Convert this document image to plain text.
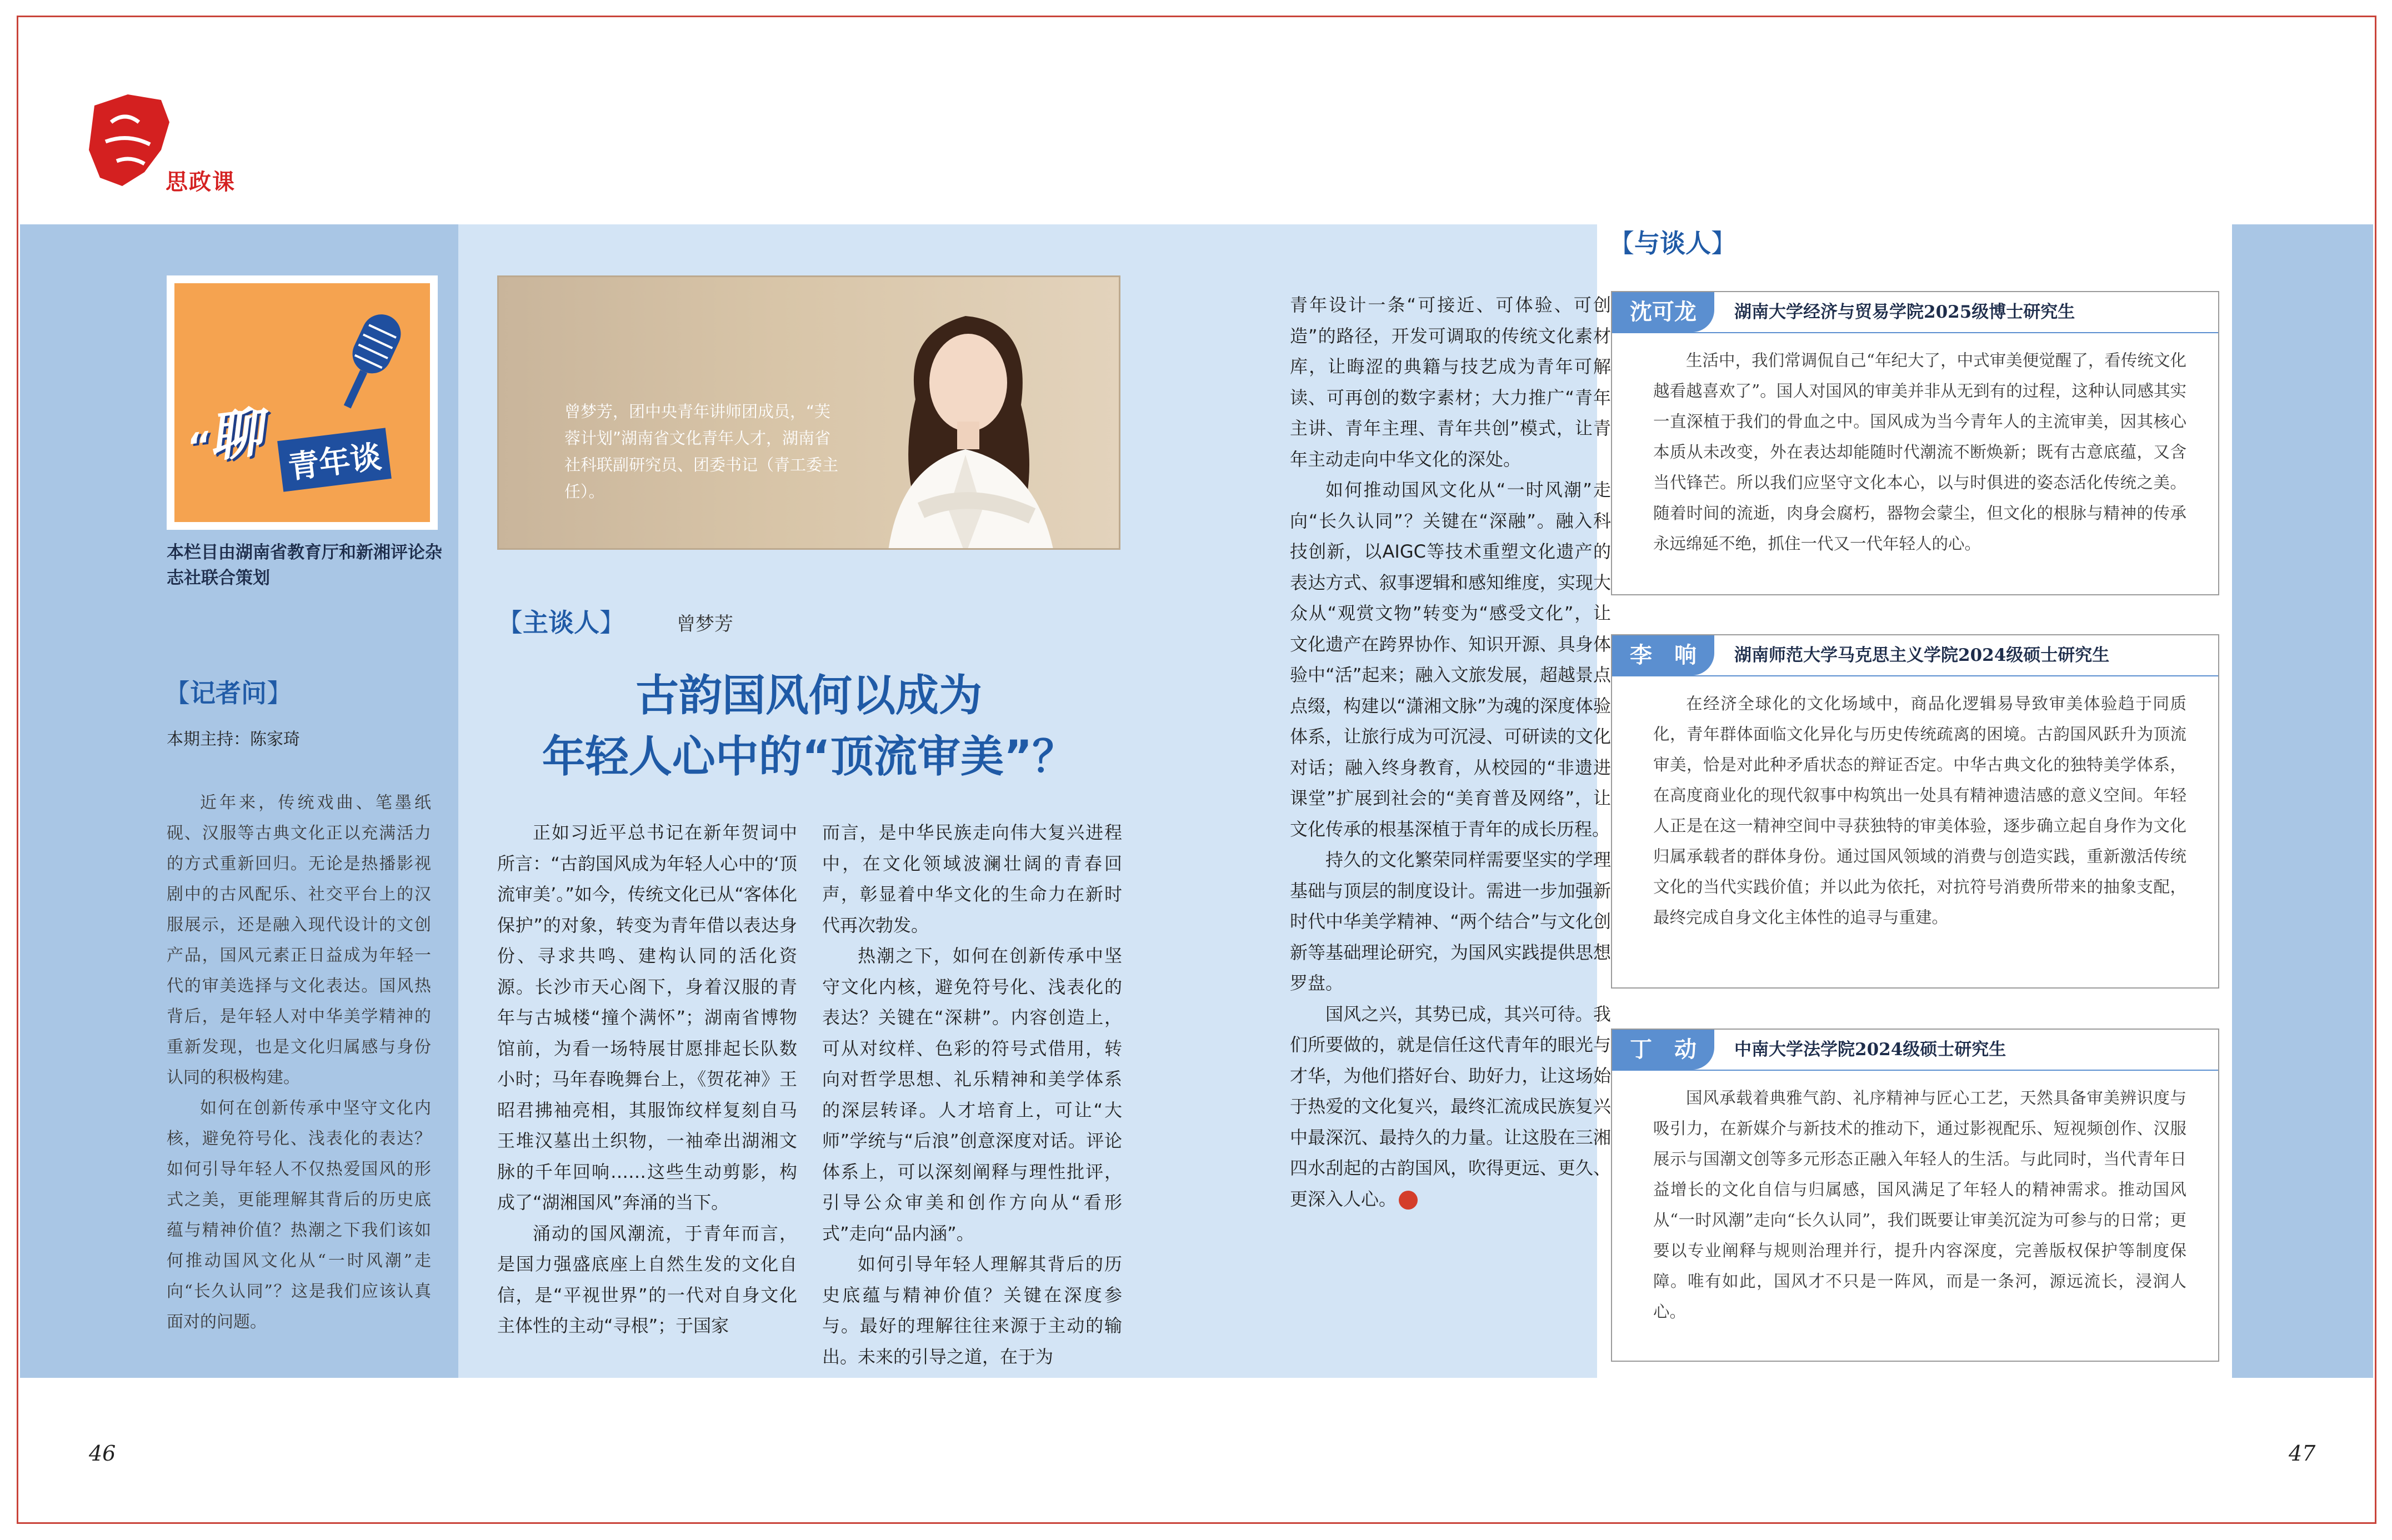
思政课
“聊 青年谈
本栏目由湖南省教育厅和新湘评论杂志社联合策划
【记者问】
本期主持：陈家琦

近年来，传统戏曲、笔墨纸砚、汉服等古典文化正以充满活力的方式重新回归。无论是热播影视剧中的古风配乐、社交平台上的汉服展示，还是融入现代设计的文创产品，国风元素正日益成为年轻一代的审美选择与文化表达。国风热背后，是年轻人对中华美学精神的重新发现，也是文化归属感与身份认同的积极构建。

如何在创新传承中坚守文化内核，避免符号化、浅表化的表达？如何引导年轻人不仅热爱国风的形式之美，更能理解其背后的历史底蕴与精神价值？热潮之下我们该如何推动国风文化从“一时风潮”走向“长久认同”？这是我们应该认真面对的问题。

曾梦芳，团中央青年讲师团成员，“芙蓉计划”湖南省文化青年人才，湖南省社科联副研究员、团委书记（青工委主任）。
【主谈人】	曾梦芳
古韵国风何以成为
年轻人心中的“顶流审美”？

正如习近平总书记在新年贺词中所言：“古韵国风成为年轻人心中的‘顶流审美’。”如今，传统文化已从“客体化保护”的对象，转变为青年借以表达身份、寻求共鸣、建构认同的活化资源。长沙市天心阁下，身着汉服的青年与古城楼“撞个满怀”；湖南省博物馆前，为看一场特展甘愿排起长队数小时；马年春晚舞台上，《贺花神》王昭君拂袖亮相，其服饰纹样复刻自马王堆汉墓出土织物，一袖牵出湖湘文脉的千年回响……这些生动剪影，构成了“湖湘国风”奔涌的当下。

涌动的国风潮流，于青年而言，是国力强盛底座上自然生发的文化自信，是“平视世界”的一代对自身文化主体性的主动“寻根”；于国家

而言，是中华民族走向伟大复兴进程中，在文化领域波澜壮阔的青春回声，彰显着中华文化的生命力在新时代再次勃发。

热潮之下，如何在创新传承中坚守文化内核，避免符号化、浅表化的表达？关键在“深耕”。内容创造上，可从对纹样、色彩的符号式借用，转向对哲学思想、礼乐精神和美学体系的深层转译。人才培育上，可让“大师”学统与“后浪”创意深度对话。评论体系上，可以深刻阐释与理性批评，引导公众审美和创作方向从“看形式”走向“品内涵”。

如何引导年轻人理解其背后的历史底蕴与精神价值？关键在深度参与。最好的理解往往来源于主动的输出。未来的引导之道，在于为

青年设计一条“可接近、可体验、可创造”的路径，开发可调取的传统文化素材库，让晦涩的典籍与技艺成为青年可解读、可再创的数字素材；大力推广“青年主讲、青年主理、青年共创”模式，让青年主动走向中华文化的深处。

如何推动国风文化从“一时风潮”走向“长久认同”？关键在“深融”。融入科技创新，以AIGC等技术重塑文化遗产的表达方式、叙事逻辑和感知维度，实现大众从“观赏文物”转变为“感受文化”，让文化遗产在跨界协作、知识开源、具身体验中“活”起来；融入文旅发展，超越景点点缀，构建以“潇湘文脉”为魂的深度体验体系，让旅行成为可沉浸、可研读的文化对话；融入终身教育，从校园的“非遗进课堂”扩展到社会的“美育普及网络”，让文化传承的根基深植于青年的成长历程。

持久的文化繁荣同样需要坚实的学理基础与顶层的制度设计。需进一步加强新时代中华美学精神、“两个结合”与文化创新等基础理论研究，为国风实践提供思想罗盘。

国风之兴，其势已成，其兴可待。我们所要做的，就是信任这代青年的眼光与才华，为他们搭好台、助好力，让这场始于热爱的文化复兴，最终汇流成民族复兴中最深沉、最持久的力量。让这股在三湘四水刮起的古韵国风，吹得更远、更久、更深入人心。

【与谈人】
沈可龙	湖南大学经济与贸易学院2025级博士研究生
生活中，我们常调侃自己“年纪大了，中式审美便觉醒了，看传统文化越看越喜欢了”。国人对国风的审美并非从无到有的过程，这种认同感其实一直深植于我们的骨血之中。国风成为当今青年人的主流审美，因其核心本质从未改变，外在表达却能随时代潮流不断焕新；既有古意底蕴，又含当代锋芒。所以我们应坚守文化本心，以与时俱进的姿态活化传统之美。随着时间的流逝，肉身会腐朽，器物会蒙尘，但文化的根脉与精神的传承永远绵延不绝，抓住一代又一代年轻人的心。
李　响	湖南师范大学马克思主义学院2024级硕士研究生
在经济全球化的文化场域中，商品化逻辑易导致审美体验趋于同质化，青年群体面临文化异化与历史传统疏离的困境。古韵国风跃升为顶流审美，恰是对此种矛盾状态的辩证否定。中华古典文化的独特美学体系，在高度商业化的现代叙事中构筑出一处具有精神遗洁感的意义空间。年轻人正是在这一精神空间中寻获独特的审美体验，逐步确立起自身作为文化归属承载者的群体身份。通过国风领域的消费与创造实践，重新激活传统文化的当代实践价值；并以此为依托，对抗符号消费所带来的抽象支配，最终完成自身文化主体性的追寻与重建。
丁　动	中南大学法学院2024级硕士研究生
国风承载着典雅气韵、礼序精神与匠心工艺，天然具备审美辨识度与吸引力，在新媒介与新技术的推动下，通过影视配乐、短视频创作、汉服展示与国潮文创等多元形态正融入年轻人的生活。与此同时，当代青年日益增长的文化自信与归属感，国风满足了年轻人的精神需求。推动国风从“一时风潮”走向“长久认同”，我们既要让审美沉淀为可参与的日常；更要以专业阐释与规则治理并行，提升内容深度，完善版权保护等制度保障。唯有如此，国风才不只是一阵风，而是一条河，源远流长，浸润人心。
46	47
